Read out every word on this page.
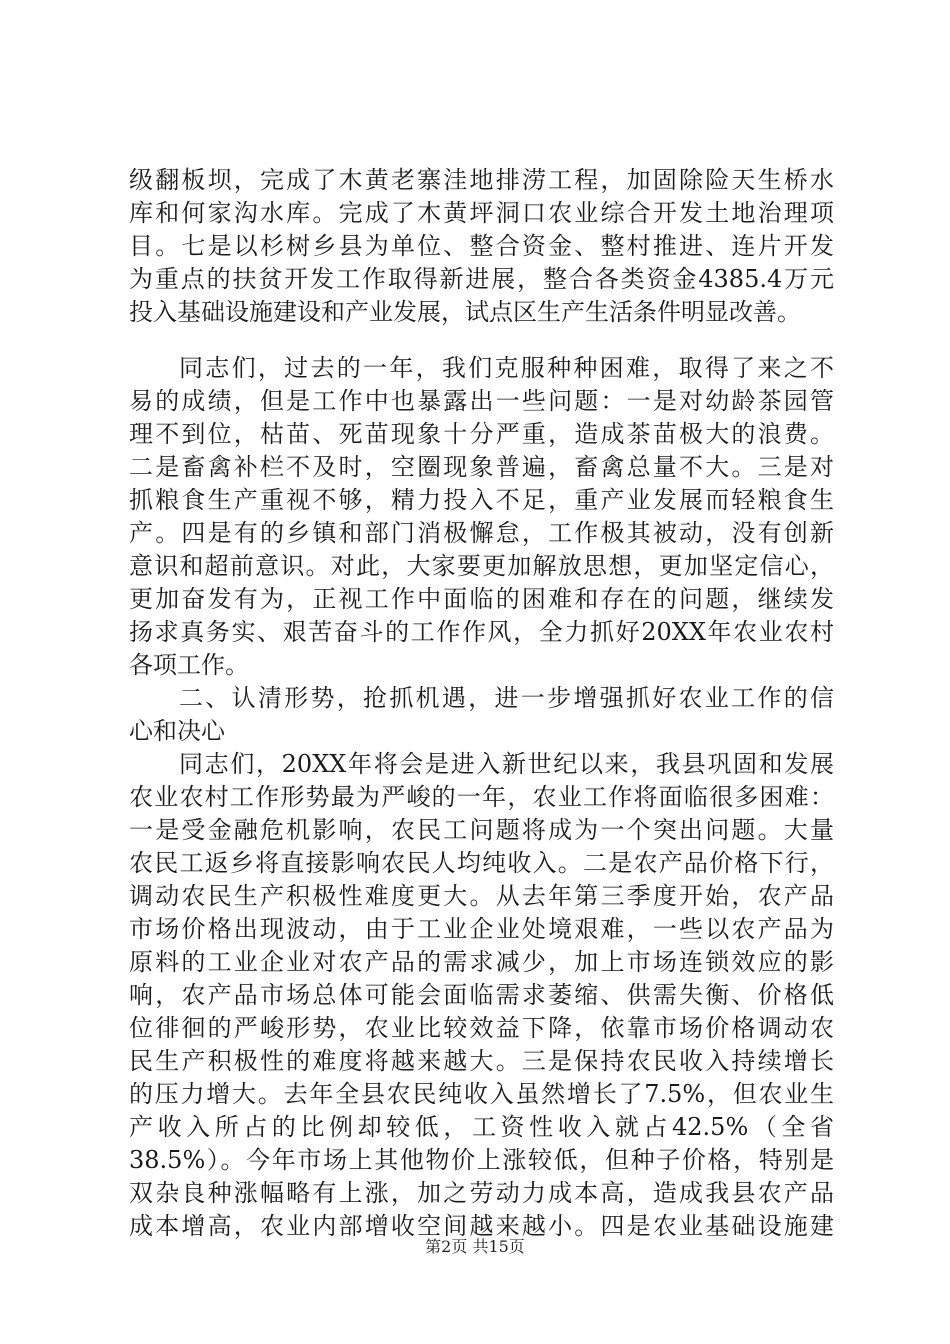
级翻板坝，完成了木黄老寨洼地排涝工程，加固除险天生桥水
库和何家沟水库。完成了木黄坪洞口农业综合开发土地治理项
目。七是以杉树乡县为单位、整合资金、整村推进、连片开发
为重点的扶贫开发工作取得新进展，整合各类资金4385.4万元
投入基础设施建设和产业发展，试点区生产生活条件明显改善。
同志们，过去的一年，我们克服种种困难，取得了来之不
易的成绩，但是工作中也暴露出一些问题：一是对幼龄茶园管
理不到位，枯苗、死苗现象十分严重，造成茶苗极大的浪费。
二是畜禽补栏不及时，空圈现象普遍，畜禽总量不大。三是对
抓粮食生产重视不够，精力投入不足，重产业发展而轻粮食生
产。四是有的乡镇和部门消极懈怠，工作极其被动，没有创新
意识和超前意识。对此，大家要更加解放思想，更加坚定信心，
更加奋发有为，正视工作中面临的困难和存在的问题，继续发
扬求真务实、艰苦奋斗的工作作风，全力抓好20XX年农业农村
各项工作。
二、认清形势，抢抓机遇，进一步增强抓好农业工作的信
心和决心
同志们，20XX年将会是进入新世纪以来，我县巩固和发展
农业农村工作形势最为严峻的一年，农业工作将面临很多困难：
一是受金融危机影响，农民工问题将成为一个突出问题。大量
农民工返乡将直接影响农民人均纯收入。二是农产品价格下行，
调动农民生产积极性难度更大。从去年第三季度开始，农产品
市场价格出现波动，由于工业企业处境艰难，一些以农产品为
原料的工业企业对农产品的需求减少，加上市场连锁效应的影
响，农产品市场总体可能会面临需求萎缩、供需失衡、价格低
位徘徊的严峻形势，农业比较效益下降，依靠市场价格调动农
民生产积极性的难度将越来越大。三是保持农民收入持续增长
的压力增大。去年全县农民纯收入虽然增长了7.5%，但农业生
产收入所占的比例却较低，工资性收入就占42.5%（全省
38.5%）。今年市场上其他物价上涨较低，但种子价格，特别是
双杂良种涨幅略有上涨，加之劳动力成本高，造成我县农产品
成本增高，农业内部增收空间越来越小。四是农业基础设施建
第2页 共15页
